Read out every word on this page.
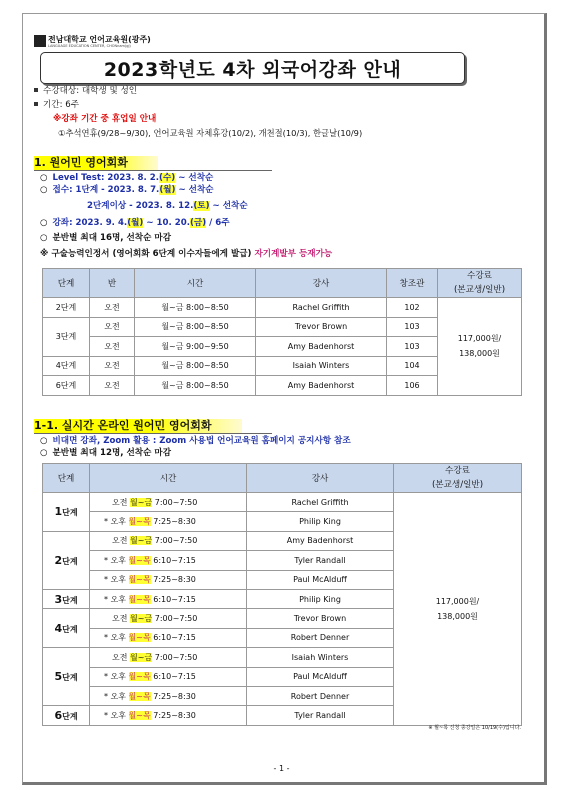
전남대학교 언어교육원(광주)
LANGUAGE EDUCATION CENTER, CHONnam(gj)
2023학년도 4차 외국어강좌 안내
수강대상: 대학생 및 성인
기간: 6주
※강좌 기간 중 휴업일 안내
①추석연휴(9/28~9/30), 언어교육원 자체휴강(10/2), 개천절(10/3), 한글날(10/9)
1. 원어민 영어회화
○ Level Test: 2023. 8. 2.(수) ~ 선착순
○ 접수: 1단계 - 2023. 8. 7.(월) ~ 선착순
2단계이상 - 2023. 8. 12.(토) ~ 선착순
○ 강좌: 2023. 9. 4.(월) ~ 10. 20.(금) / 6주
○ 분반별 최대 16명, 선착순 마감
※ 구술능력인정서 (영어회화 6단계 이수자들에게 발급) 자기계발부 등재가능
단계	반	시간	강사	창조관	수강료
(본교생/일반)
2단계	오전	월~금 8:00~8:50	Rachel Griffith	102	117,000원/
138,000원

3단계	오전	월~금 8:00~8:50	Trevor Brown	103	
	오전	월~금 9:00~9:50	Amy Badenhorst	103	
4단계	오전	월~금 8:00~8:50	Isaiah Winters	104	
6단계	오전	월~금 8:00~8:50	Amy Badenhorst	106	
1-1. 실시간 온라인 원어민 영어회화
○ 비대면 강좌, Zoom 활용 : Zoom 사용법 언어교육원 홈페이지 공지사항 참조
○ 분반별 최대 12명, 선착순 마감
단계	시간	강사	수강료
(본교생/일반)
1단계	오전 월~금 7:00~7:50	Rachel Griffith	117,000원/
138,000원

	* 오후 월~목 7:25~8:30	Philip King	
2단계	오전 월~금 7:00~7:50	Amy Badenhorst	
	* 오후 월~목 6:10~7:15	Tyler Randall	
	* 오후 월~목 7:25~8:30	Paul McAlduff	
3단계	* 오후 월~목 6:10~7:15	Philip King	
4단계	오전 월~금 7:00~7:50	Trevor Brown	
	* 오후 월~목 6:10~7:15	Robert Denner	
5단계	오전 월~금 7:00~7:50	Isaiah Winters	
	* 오후 월~목 6:10~7:15	Paul McAlduff	
	* 오후 월~목 7:25~8:30	Robert Denner	
6단계	* 오후 월~목 7:25~8:30	Tyler Randall	
※ 월~목 신청 종강일은 10/19(수)입니다.
- 1 -
